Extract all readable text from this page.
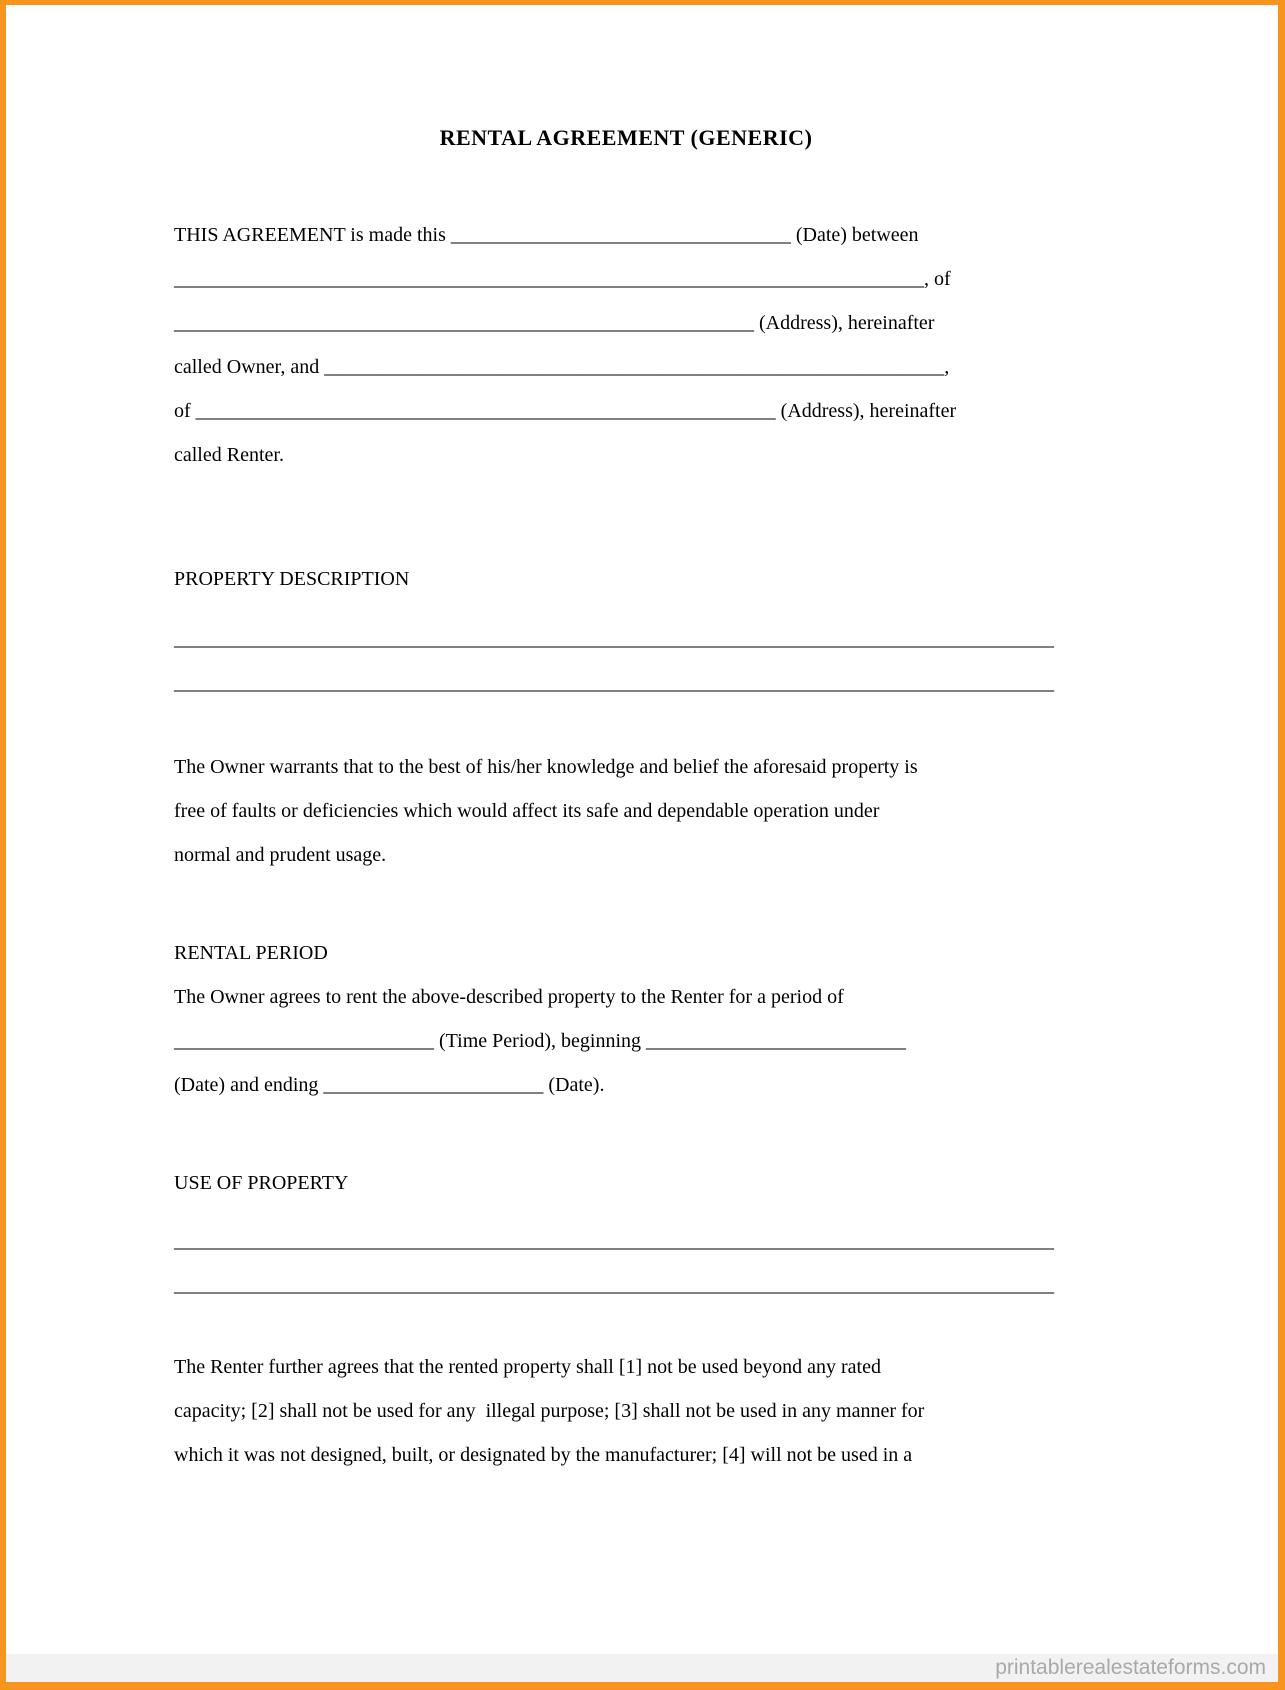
RENTAL AGREEMENT (GENERIC)
THIS AGREEMENT is made this __________________________________ (Date) between
___________________________________________________________________________, of
__________________________________________________________ (Address), hereinafter
called Owner, and ______________________________________________________________,
of __________________________________________________________ (Address), hereinafter
called Renter.
PROPERTY DESCRIPTION
________________________________________________________________________________________
________________________________________________________________________________________
The Owner warrants that to the best of his/her knowledge and belief the aforesaid property is
free of faults or deficiencies which would affect its safe and dependable operation under
normal and prudent usage.
RENTAL PERIOD
The Owner agrees to rent the above-described property to the Renter for a period of
__________________________ (Time Period), beginning __________________________
(Date) and ending ______________________ (Date).
USE OF PROPERTY
________________________________________________________________________________________
________________________________________________________________________________________
The Renter further agrees that the rented property shall [1] not be used beyond any rated
capacity; [2] shall not be used for any  illegal purpose; [3] shall not be used in any manner for
which it was not designed, built, or designated by the manufacturer; [4] will not be used in a
printablerealestateforms.com
